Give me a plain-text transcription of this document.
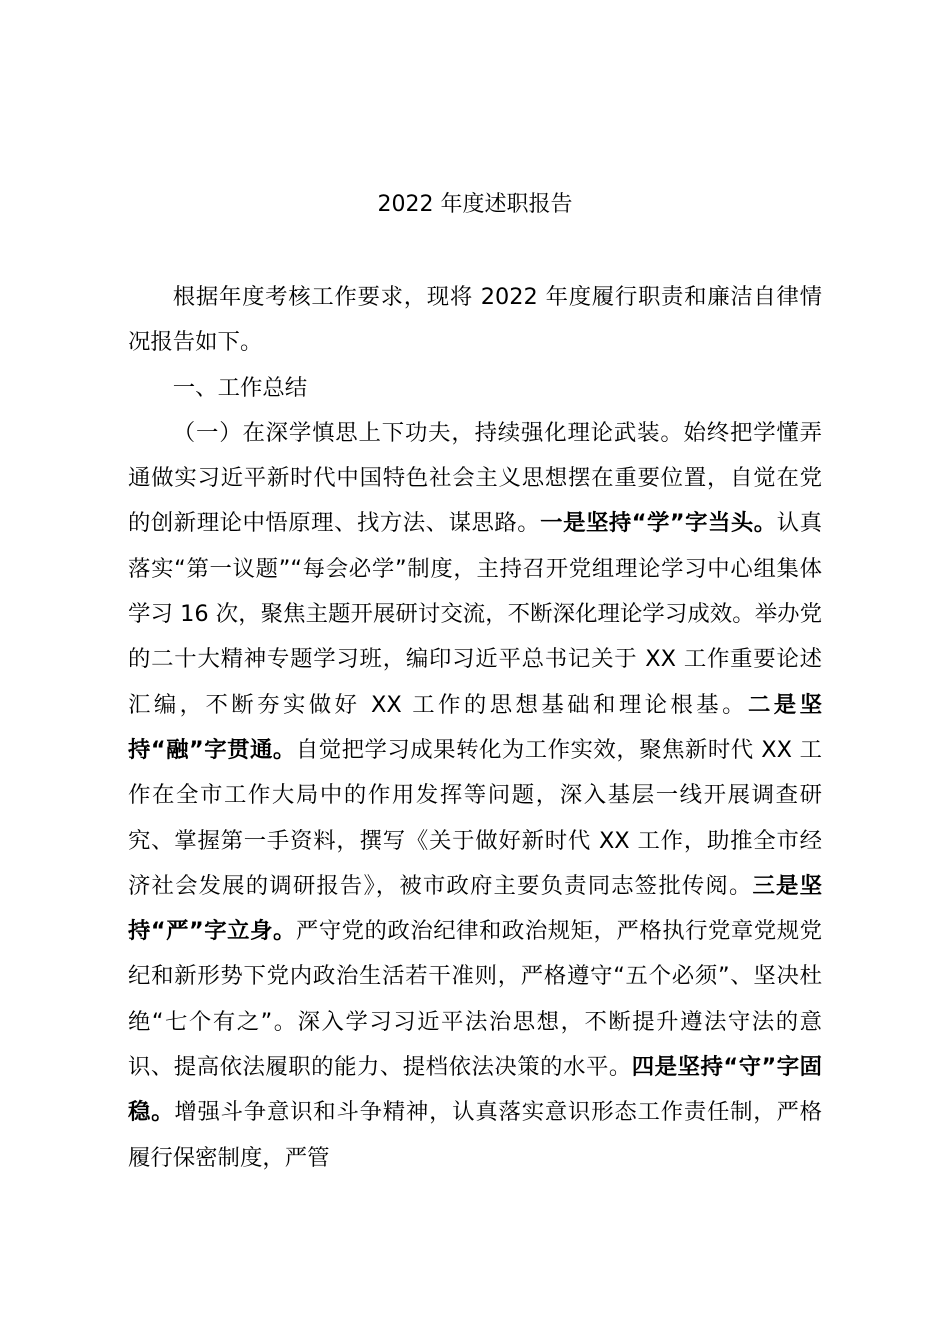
2022 年度述职报告

根据年度考核工作要求，现将 2022 年度履行职责和廉洁自律情况报告如下。

一、工作总结

（一）在深学慎思上下功夫，持续强化理论武装。始终把学懂弄通做实习近平新时代中国特色社会主义思想摆在重要位置，自觉在党的创新理论中悟原理、找方法、谋思路。一是坚持“学”字当头。认真落实“第一议题”“每会必学”制度，主持召开党组理论学习中心组集体学习 16 次，聚焦主题开展研讨交流，不断深化理论学习成效。举办党的二十大精神专题学习班，编印习近平总书记关于 XX 工作重要论述汇编，不断夯实做好 XX 工作的思想基础和理论根基。二是坚持“融”字贯通。自觉把学习成果转化为工作实效，聚焦新时代 XX 工作在全市工作大局中的作用发挥等问题，深入基层一线开展调查研究、掌握第一手资料，撰写《关于做好新时代 XX 工作，助推全市经济社会发展的调研报告》，被市政府主要负责同志签批传阅。三是坚持“严”字立身。严守党的政治纪律和政治规矩，严格执行党章党规党纪和新形势下党内政治生活若干准则，严格遵守“五个必须”、坚决杜绝“七个有之”。深入学习习近平法治思想，不断提升遵法守法的意识、提高依法履职的能力、提档依法决策的水平。四是坚持“守”字固稳。增强斗争意识和斗争精神，认真落实意识形态工作责任制，严格履行保密制度，严管
